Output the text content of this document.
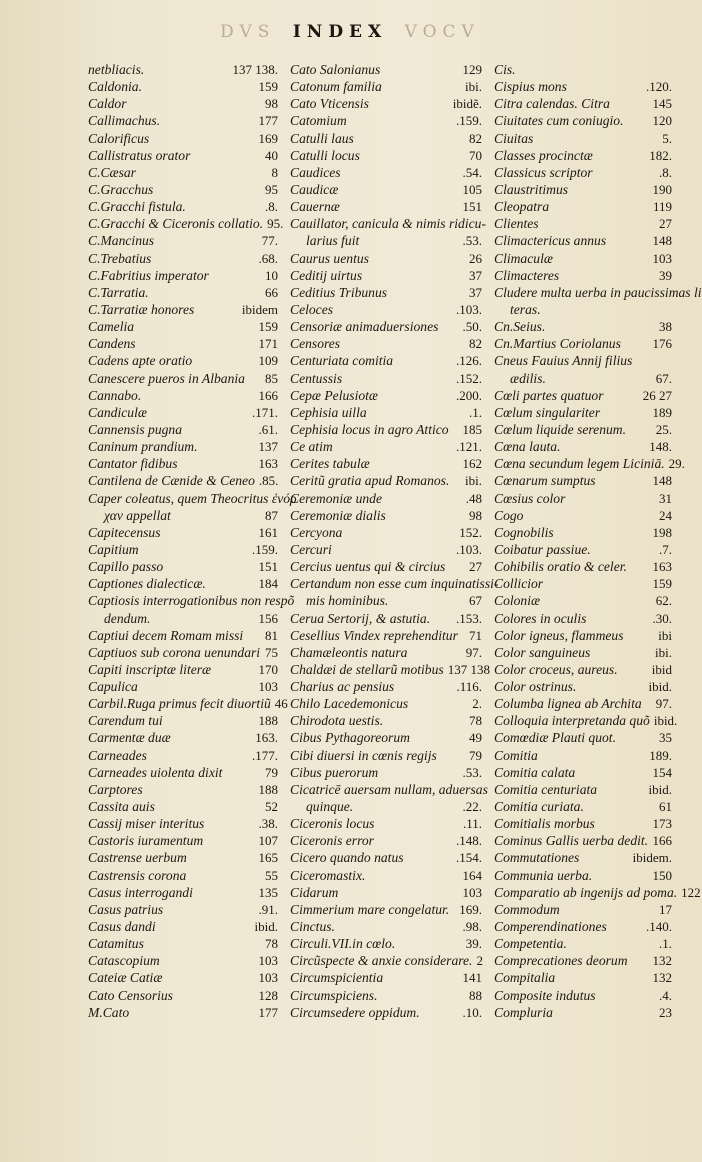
DVS INDEX VOCV
netbliacis.	137 138.
Caldonia.	159
Caldor	98
Callimachus.	177
Calorificus	169
Callistratus orator	40
C.Cæsar	8
C.Gracchus	95
C.Gracchi fistula.	.8.
C.Gracchi & Ciceronis collatio. 95.
C.Mancinus	77.
C.Trebatius	.68.
C.Fabritius imperator	10
C.Tarratia.	66
C.Tarratiæ honores	ibidem
Camelia	159
Candens	171
Cadens apte oratio	109
Canescere pueros in Albania	85
Cannabo.	166
Candiculæ	.171.
Cannensis pugna	.61.
Caninum prandium.	137
Cantator fidibus	163
Cantilena de Cænide & Ceneo .85.
Caper coleatus, quem Theocritus ἐνόρ
χαν appellat	87
Capitecensus	161
Capitium	.159.
Capillo passo	151
Captiones dialecticæ.	184
Captiosis interrogationibus non respõ
dendum.	156
Captiui decem Romam missi	81
Captiuos sub corona uenundari 75
Capiti inscriptæ literæ	170
Capulica	103
Carbil.Ruga primus fecit diuortiũ 46
Carendum tui	188
Carmentæ duæ	163.
Carneades	.177.
Carneades uiolenta dixit	79
Carptores	188
Cassita auis	52
Cassij miser interitus	.38.
Castoris iuramentum	107
Castrense uerbum	165
Castrensis corona	55
Casus interrogandi	135
Casus patrius	.91.
Casus dandi	ibid.
Catamitus	78
Catascopium	103
Cateiæ Catiæ	103
Cato Censorius	128
M.Cato	177
Cato Salonianus	129
Catonum familia	ibi.
Cato Vticensis	ibidẽ.
Catomium	.159.
Catulli laus	82
Catulli locus	70
Caudices	.54.
Caudicæ	105
Cauernæ	151
Cauillator, canicula & nimis ridicu-
larius fuit	.53.
Caurus uentus	26
Ceditij uirtus	37
Ceditius Tribunus	37
Celoces	.103.
Censoriæ animaduersiones	.50.
Censores	82
Centuriata comitia	.126.
Centussis	.152.
Cepæ Pelusiotæ	.200.
Cephisia uilla	.1.
Cephisia locus in agro Attico	185
Ce atim	.121.
Cerites tabulæ	162
Ceritũ gratia apud Romanos.	ibi.
Ceremoniæ unde	.48
Ceremoniæ dialis	98
Cercyona	152.
Cercuri	.103.
Cercius uentus qui & circius	27
Certandum non esse cum inquinatissi-
mis hominibus.	67
Cerua Sertorij, & astutia.	.153.
Cesellius Vindex reprehenditur 71
Chamæleontis natura	97.
Chaldæi de stellarũ motibus 137 138
Charius ac pensius	.116.
Chilo Lacedemonicus	2.
Chirodota uestis.	78
Cibus Pythagoreorum	49
Cibi diuersi in cœnis regijs	79
Cibus puerorum	.53.
Cicatricē auersam nullam, aduersas
quinque.	.22.
Ciceronis locus	.11.
Ciceronis error	.148.
Cicero quando natus	.154.
Ciceromastix.	164
Cidarum	103
Cimmerium mare congelatur. 169.
Cinctus.	.98.
Circuli.VII.in cœlo.	39.
Circũspecte & anxie considerare. 2
Circumspicientia	141
Circumspiciens.	88
Circumsedere oppidum.	.10.
Cis.
Cispius mons	.120.
Citra calendas. Citra	145
Ciuitates cum coniugio.	120
Ciuitas	5.
Classes procinctæ	182.
Classicus scriptor	.8.
Claustritimus	190
Cleopatra	119
Clientes	27
Climactericus annus	148
Climaculæ	103
Climacteres	39
Cludere multa uerba in paucissimas li
teras.
Cn.Seius.	38
Cn.Martius Coriolanus	176
Cneus Fauius Annij filius
ædilis.	67.
Cœli partes quatuor	26 27
Cœlum singulariter	189
Cœlum liquide serenum.	25.
Cœna lauta.	148.
Cœna secundum legem Liciniā. 29.
Cœnarum sumptus	148
Cœsius color	31
Cogo	24
Cognobilis	198
Coibatur passiue.	.7.
Cohibilis oratio & celer.	163
Collicior	159
Coloniæ	62.
Colores in oculis	.30.
Color igneus, flammeus	ibi
Color sanguineus	ibi.
Color croceus, aureus.	ibid
Color ostrinus.	ibid.
Columba lignea ab Archita	97.
Colloquia interpretanda quõ ibid.
Comœdiæ Plauti quot.	35
Comitia	189.
Comitia calata	154
Comitia centuriata	ibid.
Comitia curiata.	61
Comitialis morbus	173
Cominus Gallis uerba dedit. 166
Commutationes	ibidem.
Communia uerba.	150
Comparatio ab ingenijs ad poma. 122
Commodum	17
Comperendinationes	.140.
Competentia.	.1.
Comprecationes deorum	132
Compitalia	132
Composite indutus	.4.
Compluria	23
